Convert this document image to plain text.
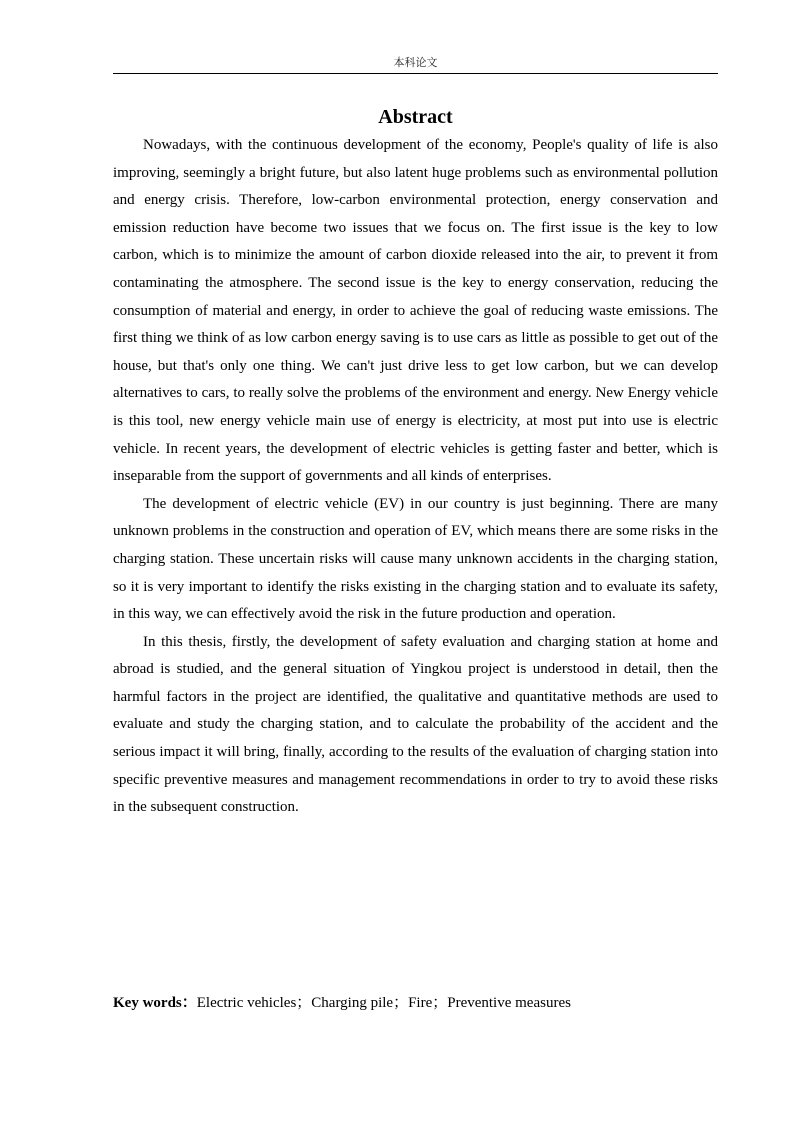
本科论文
Abstract

Nowadays, with the continuous development of the economy, People's quality of life is also improving, seemingly a bright future, but also latent huge problems such as environmental pollution and energy crisis. Therefore, low-carbon environmental protection, energy conservation and emission reduction have become two issues that we focus on. The first issue is the key to low carbon, which is to minimize the amount of carbon dioxide released into the air, to prevent it from contaminating the atmosphere. The second issue is the key to energy conservation, reducing the consumption of material and energy, in order to achieve the goal of reducing waste emissions. The first thing we think of as low carbon energy saving is to use cars as little as possible to get out of the house, but that's only one thing. We can't just drive less to get low carbon, but we can develop alternatives to cars, to really solve the problems of the environment and energy. New Energy vehicle is this tool, new energy vehicle main use of energy is electricity, at most put into use is electric vehicle. In recent years, the development of electric vehicles is getting faster and better, which is inseparable from the support of governments and all kinds of enterprises.

The development of electric vehicle (EV) in our country is just beginning. There are many unknown problems in the construction and operation of EV, which means there are some risks in the charging station. These uncertain risks will cause many unknown accidents in the charging station, so it is very important to identify the risks existing in the charging station and to evaluate its safety, in this way, we can effectively avoid the risk in the future production and operation.

In this thesis, firstly, the development of safety evaluation and charging station at home and abroad is studied, and the general situation of Yingkou project is understood in detail, then the harmful factors in the project are identified, the qualitative and quantitative methods are used to evaluate and study the charging station, and to calculate the probability of the accident and the serious impact it will bring, finally, according to the results of the evaluation of charging station into specific preventive measures and management recommendations in order to try to avoid these risks in the subsequent construction.

Key words：Electric vehicles；Charging pile；Fire；Preventive measures
